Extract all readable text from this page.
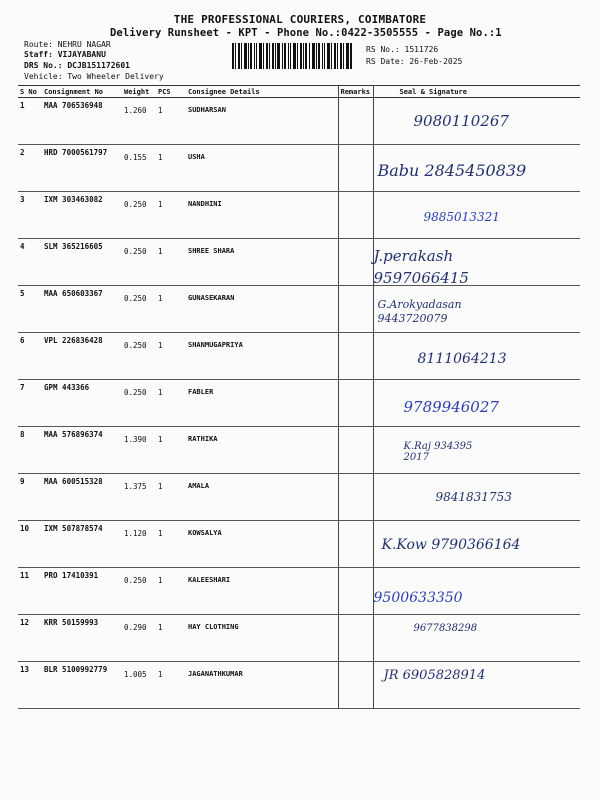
THE PROFESSIONAL COURIERS, COIMBATORE
Delivery Runsheet - KPT - Phone No.:0422-3505555 - Page No.:1
Route: NEHRU NAGAR
Staff: VIJAYABANU
DRS No.: DCJB151172601
Vehicle: Two Wheeler Delivery
RS No.: 1511726
RS Date: 26-Feb-2025
S No	Consignment No	Weight	PCS	Consignee Details	Remarks	Seal & Signature
1	MAA 706536948	1.260	1	SUDHARSAN		9080110267

2	HRD 7000561797	0.155	1	USHA		Babu 2845450839

3	IXM 303463082	0.250	1	NANDHINI		9885013321

4	SLM 365216605	0.250	1	SHREE SHARA		J.perakash 9597066415

5	MAA 650603367	0.250	1	GUNASEKARAN		G.Arokyadasan 9443720079

6	VPL 226836428	0.250	1	SHANMUGAPRIYA		8111064213

7	GPM 443366	0.250	1	FABLER		9789946027

8	MAA 576896374	1.390	1	RATHIKA		K.Raj 934395 2017

9	MAA 600515328	1.375	1	AMALA		9841831753

10	IXM 507878574	1.120	1	KOWSALYA		K.Kow 9790366164

11	PRO 17410391	0.250	1	KALEESHARI		9500633350

12	KRR 50159993	0.290	1	HAY CLOTHING		9677838298

13	BLR 5100992779	1.005	1	JAGANATHKUMAR		JR 6905828914
